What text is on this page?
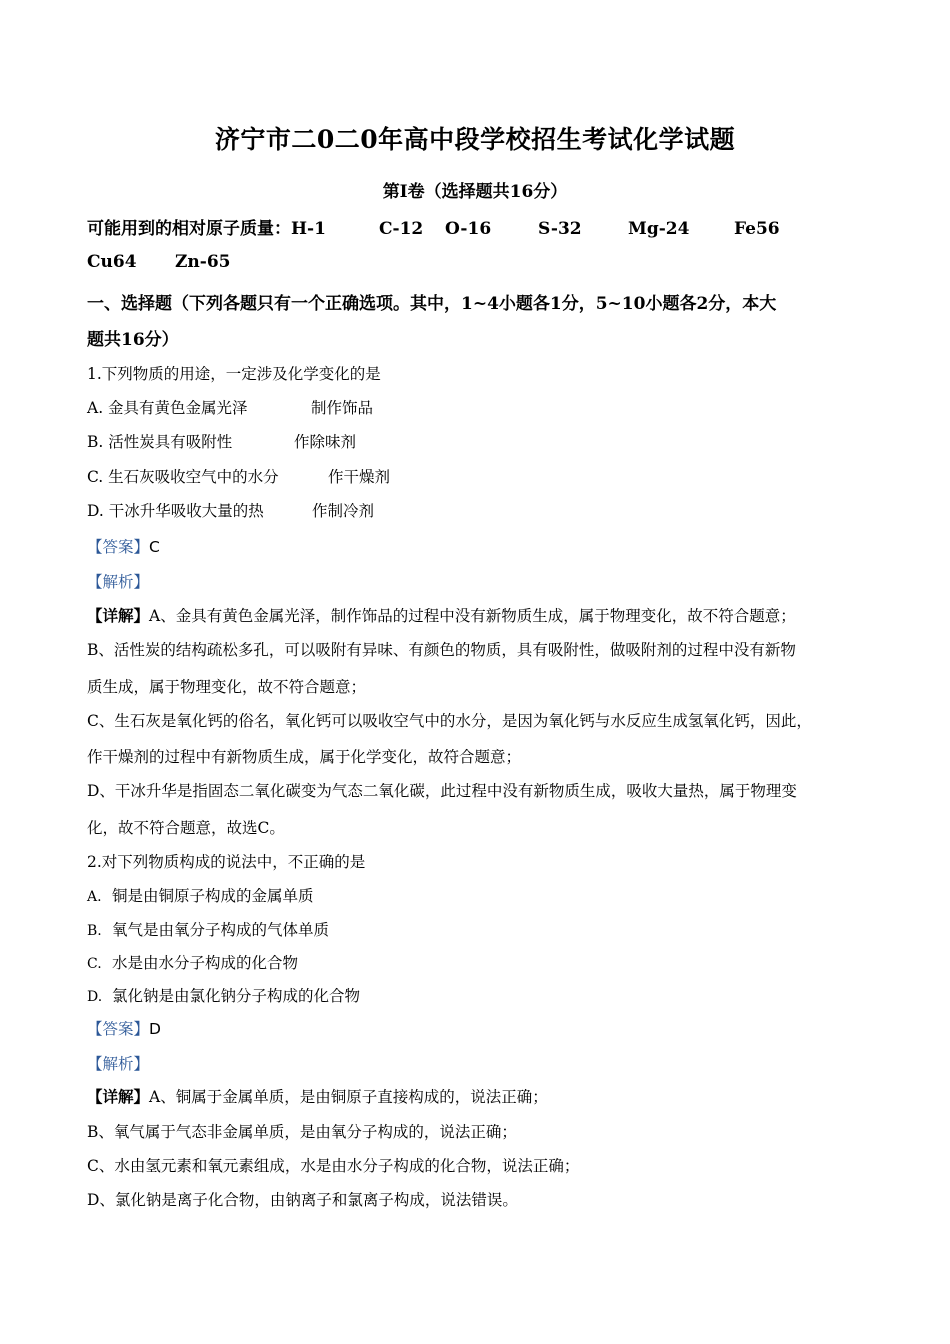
济宁市二0二0年高中段学校招生考试化学试题
第I卷（选择题共16分）
可能用到的相对原子质量：H-1	C-12 O-16	S-32	Mg-24	Fe56
Cu64 Zn-65
一、选择题（下列各题只有一个正确选项。其中，1~4小题各1分，5~10小题各2分，本大
题共16分）
1.下列物质的用途，一定涉及化学变化的是
A. 金具有黄色金属光泽	制作饰品
B. 活性炭具有吸附性	作除味剂
C. 生石灰吸收空气中的水分	作干燥剂
D. 干冰升华吸收大量的热	作制冷剂
【答案】C
【解析】
【详解】A、金具有黄色金属光泽，制作饰品的过程中没有新物质生成，属于物理变化，故不符合题意；
B、活性炭的结构疏松多孔，可以吸附有异味、有颜色的物质，具有吸附性，做吸附剂的过程中没有新物
质生成，属于物理变化，故不符合题意；
C、生石灰是氧化钙的俗名，氧化钙可以吸收空气中的水分，是因为氧化钙与水反应生成氢氧化钙，因此，
作干燥剂的过程中有新物质生成，属于化学变化，故符合题意；
D、干冰升华是指固态二氧化碳变为气态二氧化碳，此过程中没有新物质生成，吸收大量热，属于物理变
化，故不符合题意，故选C。
2.对下列物质构成的说法中，不正确的是
A. 铜是由铜原子构成的金属单质
B. 氧气是由氧分子构成的气体单质
C. 水是由水分子构成的化合物
D. 氯化钠是由氯化钠分子构成的化合物
【答案】D
【解析】
【详解】A、铜属于金属单质，是由铜原子直接构成的，说法正确；
B、氧气属于气态非金属单质，是由氧分子构成的，说法正确；
C、水由氢元素和氧元素组成，水是由水分子构成的化合物，说法正确；
D、氯化钠是离子化合物，由钠离子和氯离子构成，说法错误。
